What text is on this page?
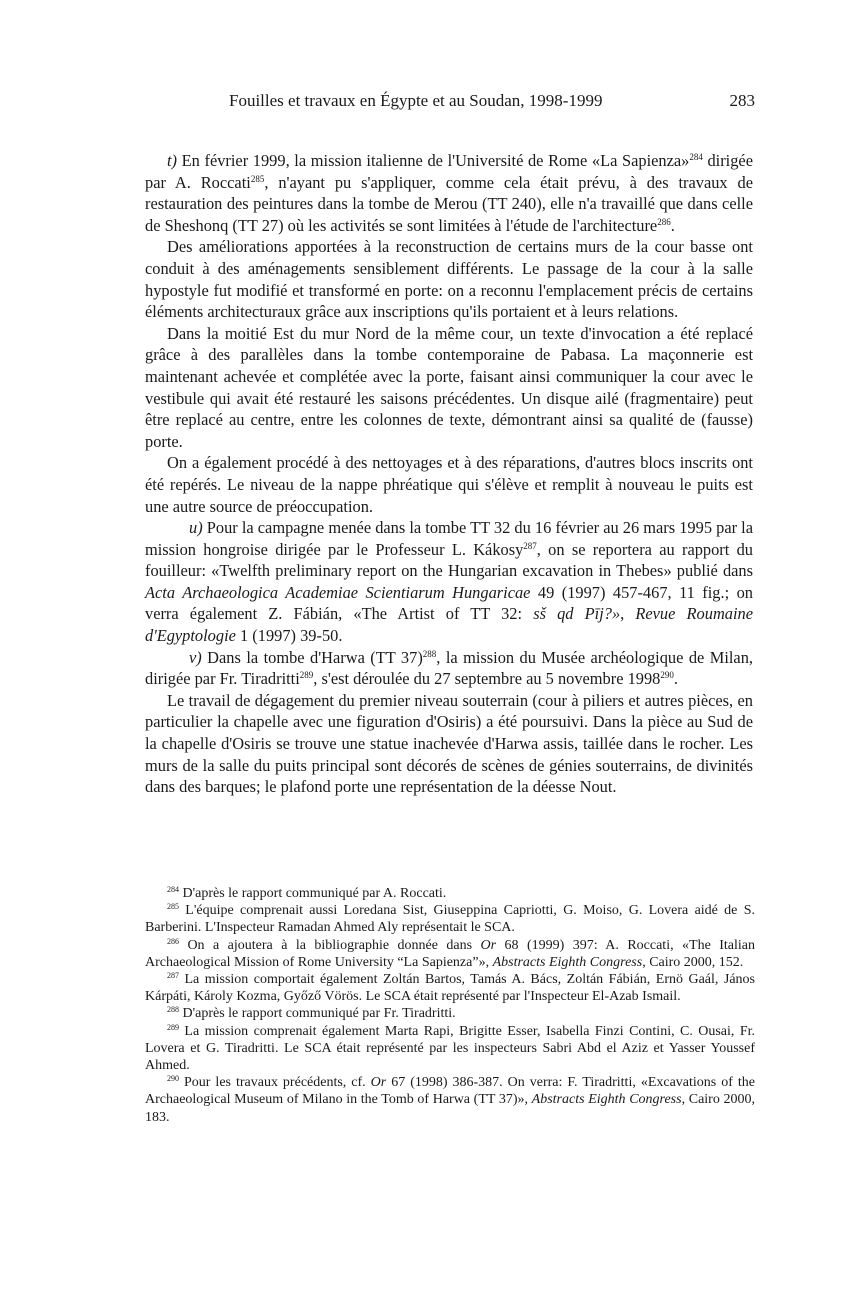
Fouilles et travaux en Égypte et au Soudan, 1998-1999	283

t) En février 1999, la mission italienne de l'Université de Rome «La Sapienza»$^{284}$ dirigée par A. Roccati$^{285}$, n'ayant pu s'appliquer, comme cela était prévu, à des travaux de restauration des peintures dans la tombe de Merou (TT 240), elle n'a travaillé que dans celle de Sheshonq (TT 27) où les activités se sont limitées à l'étude de l'architecture$^{286}$.

Des améliorations apportées à la reconstruction de certains murs de la cour basse ont conduit à des aménagements sensiblement différents. Le passage de la cour à la salle hypostyle fut modifié et transformé en porte: on a reconnu l'emplacement précis de certains éléments architecturaux grâce aux inscriptions qu'ils portaient et à leurs relations.

Dans la moitié Est du mur Nord de la même cour, un texte d'invocation a été replacé grâce à des parallèles dans la tombe contemporaine de Pabasa. La maçonnerie est maintenant achevée et complétée avec la porte, faisant ainsi communiquer la cour avec le vestibule qui avait été restauré les saisons précédentes. Un disque ailé (fragmentaire) peut être replacé au centre, entre les colonnes de texte, démontrant ainsi sa qualité de (fausse) porte.

On a également procédé à des nettoyages et à des réparations, d'autres blocs inscrits ont été repérés. Le niveau de la nappe phréatique qui s'élève et remplit à nouveau le puits est une autre source de préoccupation.

u) Pour la campagne menée dans la tombe TT 32 du 16 février au 26 mars 1995 par la mission hongroise dirigée par le Professeur L. Kákosy$^{287}$, on se reportera au rapport du fouilleur: «Twelfth preliminary report on the Hungarian excavation in Thebes» publié dans Acta Archaeologica Academiae Scientiarum Hungaricae 49 (1997) 457-467, 11 fig.; on verra également Z. Fábián, «The Artist of TT 32: sš qd Pīj?», Revue Roumaine d'Egyptologie 1 (1997) 39-50.

v) Dans la tombe d'Harwa (TT 37)$^{288}$, la mission du Musée archéologique de Milan, dirigée par Fr. Tiradritti$^{289}$, s'est déroulée du 27 septembre au 5 novembre 1998$^{290}$.

Le travail de dégagement du premier niveau souterrain (cour à piliers et autres pièces, en particulier la chapelle avec une figuration d'Osiris) a été poursuivi. Dans la pièce au Sud de la chapelle d'Osiris se trouve une statue inachevée d'Harwa assis, taillée dans le rocher. Les murs de la salle du puits principal sont décorés de scènes de génies souterrains, de divinités dans des barques; le plafond porte une représentation de la déesse Nout.

$^{284}$ D'après le rapport communiqué par A. Roccati.

$^{285}$ L'équipe comprenait aussi Loredana Sist, Giuseppina Capriotti, G. Moiso, G. Lovera aidé de S. Barberini. L'Inspecteur Ramadan Ahmed Aly représentait le SCA.

$^{286}$ On a ajoutera à la bibliographie donnée dans Or 68 (1999) 397: A. Roccati, «The Italian Archaeological Mission of Rome University “La Sapienza”», Abstracts Eighth Congress, Cairo 2000, 152.

$^{287}$ La mission comportait également Zoltán Bartos, Tamás A. Bács, Zoltán Fábián, Ernö Gaál, János Kárpáti, Károly Kozma, Győző Vörös. Le SCA était représenté par l'Inspecteur El-Azab Ismail.

$^{288}$ D'après le rapport communiqué par Fr. Tiradritti.

$^{289}$ La mission comprenait également Marta Rapi, Brigitte Esser, Isabella Finzi Contini, C. Ousai, Fr. Lovera et G. Tiradritti. Le SCA était représenté par les inspecteurs Sabri Abd el Aziz et Yasser Youssef Ahmed.

$^{290}$ Pour les travaux précédents, cf. Or 67 (1998) 386-387. On verra: F. Tiradritti, «Excavations of the Archaeological Museum of Milano in the Tomb of Harwa (TT 37)», Abstracts Eighth Congress, Cairo 2000, 183.
